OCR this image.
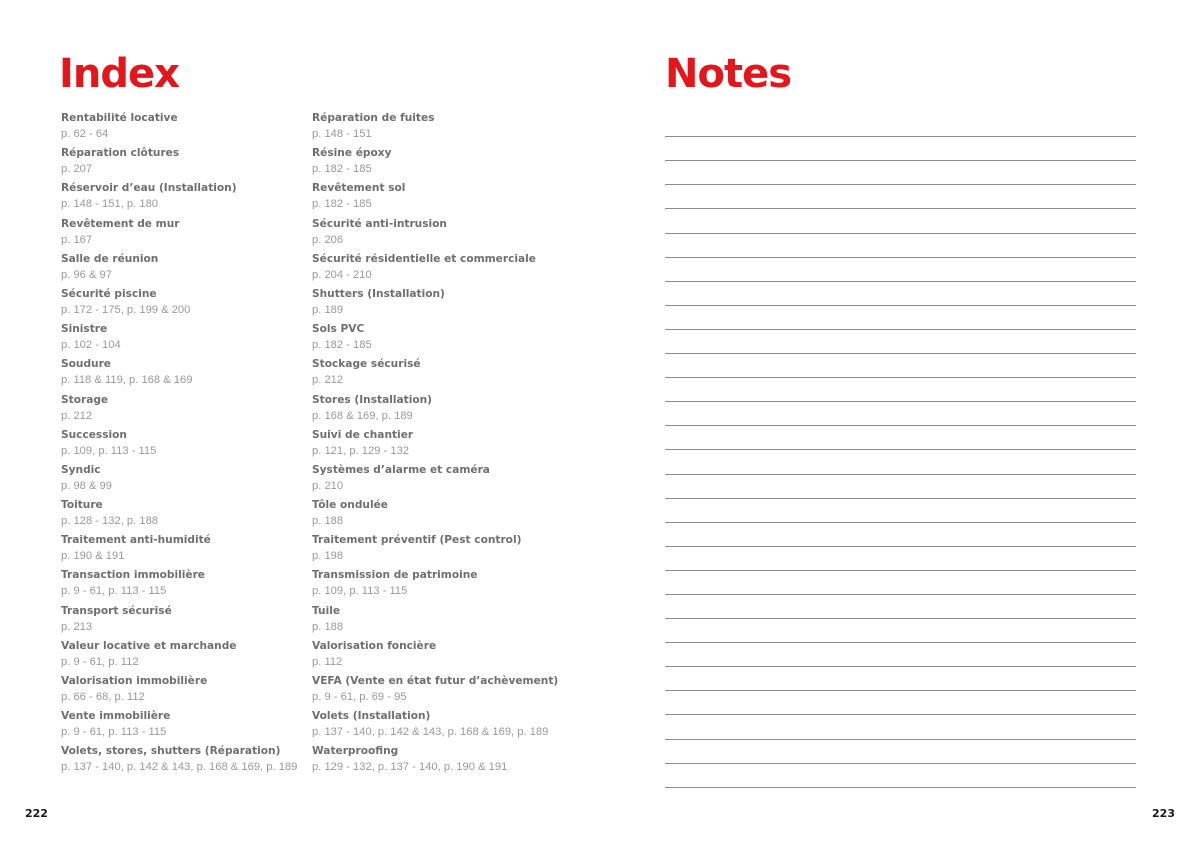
Index
Rentabilité locative
p. 62 - 64
Réparation clôtures
p. 207
Réservoir d’eau (Installation)
p. 148 - 151, p. 180
Revêtement de mur
p. 167
Salle de réunion
p. 96 & 97
Sécurité piscine
p. 172 - 175, p. 199 & 200
Sinistre
p. 102 - 104
Soudure
p. 118 & 119, p. 168 & 169
Storage
p. 212
Succession
p. 109, p. 113 - 115
Syndic
p. 98 & 99
Toiture
p. 128 - 132, p. 188
Traitement anti-humidité
p. 190 & 191
Transaction immobilière
p. 9 - 61, p. 113 - 115
Transport sécurisé
p. 213
Valeur locative et marchande
p. 9 - 61, p. 112
Valorisation immobilière
p. 66 - 68, p. 112
Vente immobilière
p. 9 - 61, p. 113 - 115
Volets, stores, shutters (Réparation)
p. 137 - 140, p. 142 & 143, p. 168 & 169, p. 189
Réparation de fuites
p. 148 - 151
Résine époxy
p. 182 - 185
Revêtement sol
p. 182 - 185
Sécurité anti-intrusion
p. 206
Sécurité résidentielle et commerciale
p. 204 - 210
Shutters (Installation)
p. 189
Sols PVC
p. 182 - 185
Stockage sécurisé
p. 212
Stores (Installation)
p. 168 & 169, p. 189
Suivi de chantier
p. 121, p. 129 - 132
Systèmes d’alarme et caméra
p. 210
Tôle ondulée
p. 188
Traitement préventif (Pest control)
p. 198
Transmission de patrimoine
p. 109, p. 113 - 115
Tuile
p. 188
Valorisation foncière
p. 112
VEFA (Vente en état futur d’achèvement)
p. 9 - 61, p. 69 - 95
Volets (Installation)
p. 137 - 140, p. 142 & 143, p. 168 & 169, p. 189
Waterproofing
p. 129 - 132, p. 137 - 140, p. 190 & 191
222
Notes
223
